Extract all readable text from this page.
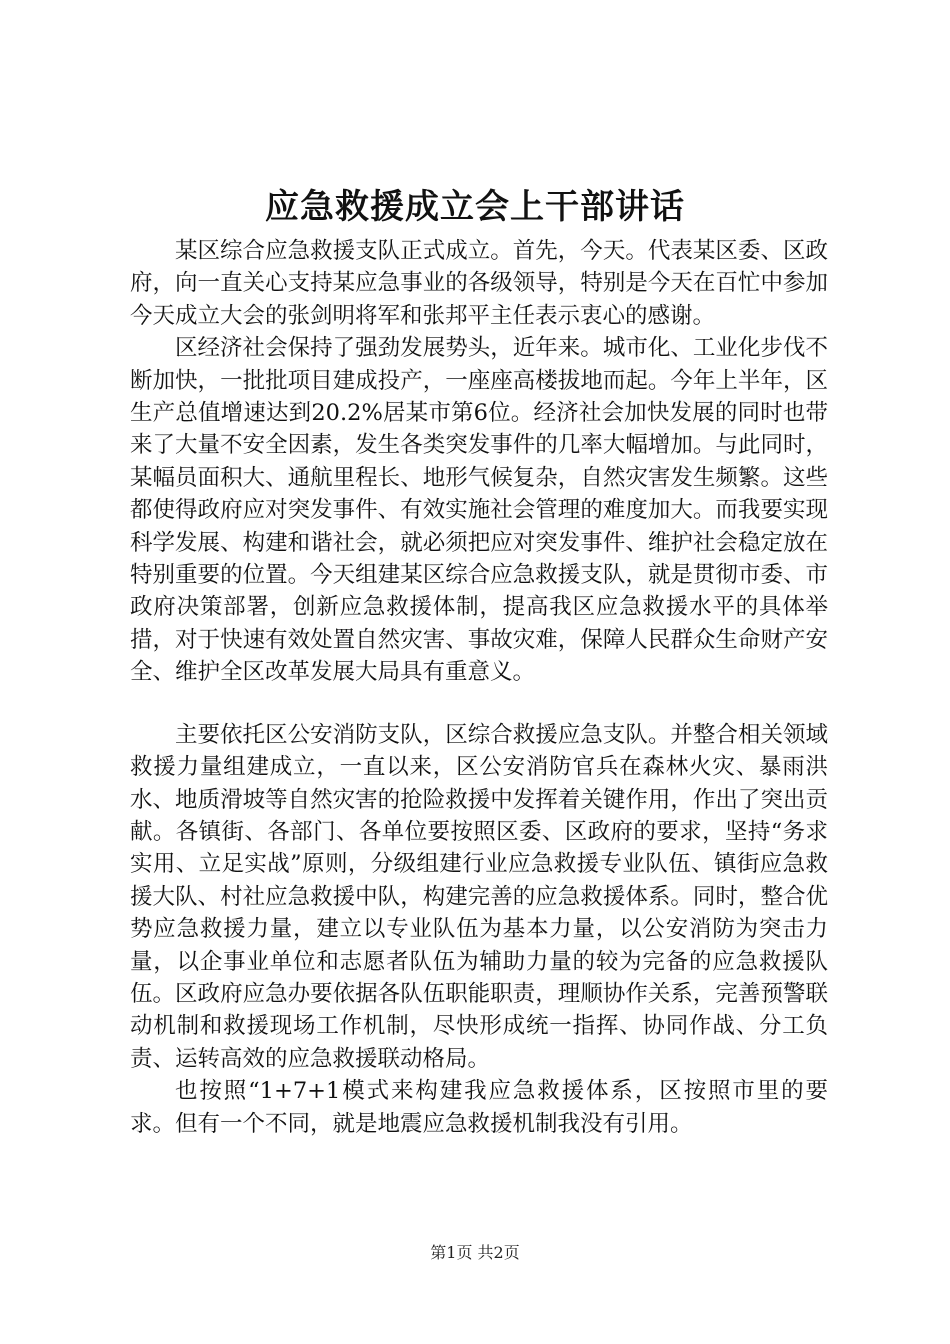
应急救援成立会上干部讲话

某区综合应急救援支队正式成立。首先，今天。代表某区委、区政府，向一直关心支持某应急事业的各级领导，特别是今天在百忙中参加今天成立大会的张剑明将军和张邦平主任表示衷心的感谢。

区经济社会保持了强劲发展势头，近年来。城市化、工业化步伐不断加快，一批批项目建成投产，一座座高楼拔地而起。今年上半年，区生产总值增速达到20.2%居某市第6位。经济社会加快发展的同时也带来了大量不安全因素，发生各类突发事件的几率大幅增加。与此同时，某幅员面积大、通航里程长、地形气候复杂，自然灾害发生频繁。这些都使得政府应对突发事件、有效实施社会管理的难度加大。而我要实现科学发展、构建和谐社会，就必须把应对突发事件、维护社会稳定放在特别重要的位置。今天组建某区综合应急救援支队，就是贯彻市委、市政府决策部署，创新应急救援体制，提高我区应急救援水平的具体举措，对于快速有效处置自然灾害、事故灾难，保障人民群众生命财产安全、维护全区改革发展大局具有重意义。

主要依托区公安消防支队，区综合救援应急支队。并整合相关领域救援力量组建成立，一直以来，区公安消防官兵在森林火灾、暴雨洪水、地质滑坡等自然灾害的抢险救援中发挥着关键作用，作出了突出贡献。各镇街、各部门、各单位要按照区委、区政府的要求，坚持“务求实用、立足实战”原则，分级组建行业应急救援专业队伍、镇街应急救援大队、村社应急救援中队，构建完善的应急救援体系。同时，整合优势应急救援力量，建立以专业队伍为基本力量，以公安消防为突击力量，以企事业单位和志愿者队伍为辅助力量的较为完备的应急救援队伍。区政府应急办要依据各队伍职能职责，理顺协作关系，完善预警联动机制和救援现场工作机制，尽快形成统一指挥、协同作战、分工负责、运转高效的应急救援联动格局。

也按照“1+7+1模式来构建我应急救援体系，区按照市里的要求。但有一个不同，就是地震应急救援机制我没有引用。

第1页 共2页
